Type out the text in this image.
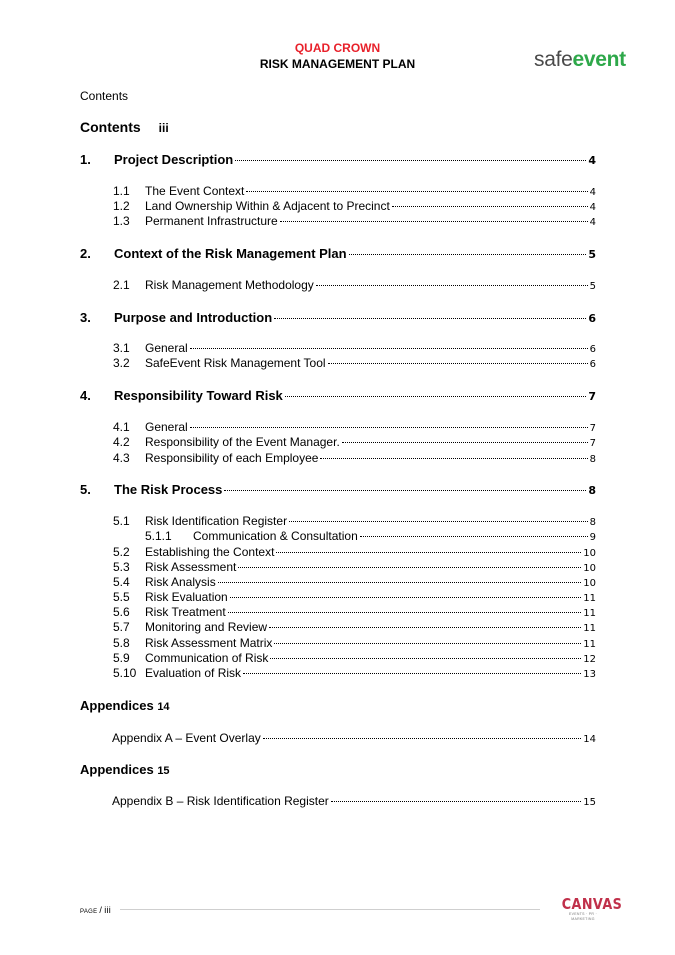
QUAD CROWN
RISK MANAGEMENT PLAN	safeevent
Contents
Contents iii
1.	Project Description	4
1.1	The Event Context	4
1.2	Land Ownership Within & Adjacent to Precinct	4
1.3	Permanent Infrastructure	4
2.	Context of the Risk Management Plan	5
2.1	Risk Management Methodology	5
3.	Purpose and Introduction	6
3.1	General	6
3.2	SafeEvent Risk Management Tool	6
4.	Responsibility Toward Risk	7
4.1	General	7
4.2	Responsibility of the Event Manager.	7
4.3	Responsibility of each Employee	8
5.	The Risk Process	8
5.1	Risk Identification Register	8
5.1.1	Communication & Consultation	9
5.2	Establishing the Context	10
5.3	Risk Assessment	10
5.4	Risk Analysis	10
5.5	Risk Evaluation	11
5.6	Risk Treatment	11
5.7	Monitoring and Review	11
5.8	Risk Assessment Matrix	11
5.9	Communication of Risk	12
5.10 Evaluation of Risk	13
Appendices 14
Appendix A – Event Overlay	14
Appendices 15
Appendix B – Risk Identification Register	15
PAGE / iii	CANVAS
EVENTS · PR · MARKETING
